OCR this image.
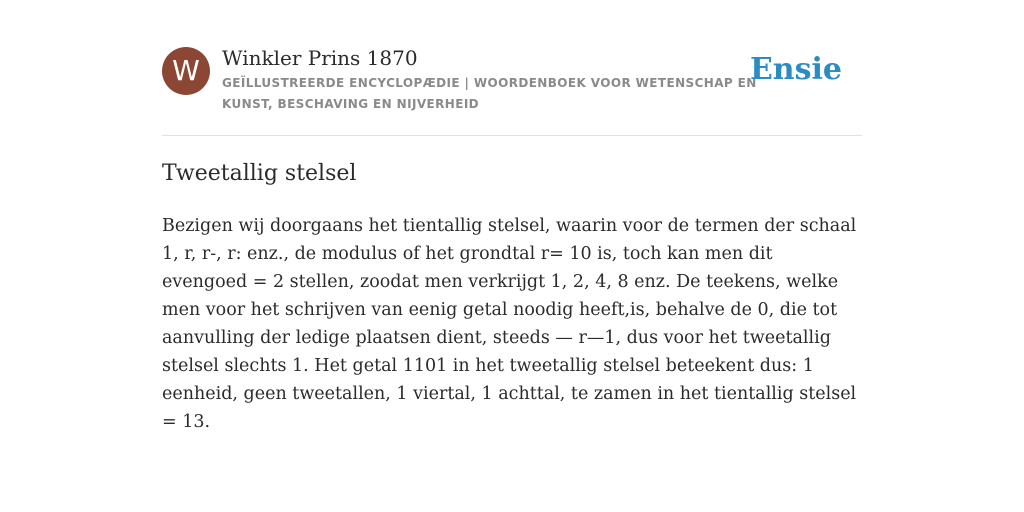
W	Winkler Prins 1870
GEÏLLUSTREERDE ENCYCLOPÆDIE | WOORDENBOEK VOOR WETENSCHAP EN KUNST, BESCHAVING EN NIJVERHEID
Ensie
Tweetallig stelsel

Bezigen wij doorgaans het tientallig stelsel, waarin voor de termen der schaal 1, r, r-, r: enz., de modulus of het grondtal r= 10 is, toch kan men dit evengoed = 2 stellen, zoodat men verkrijgt 1, 2, 4, 8 enz. De teekens, welke men voor het schrijven van eenig getal noodig heeft,is, behalve de 0, die tot aanvulling der ledige plaatsen dient, steeds — r—1, dus voor het tweetallig stelsel slechts 1. Het getal 1101 in het tweetallig stelsel beteekent dus: 1 eenheid, geen tweetallen, 1 viertal, 1 achttal, te zamen in het tientallig stelsel = 13.
